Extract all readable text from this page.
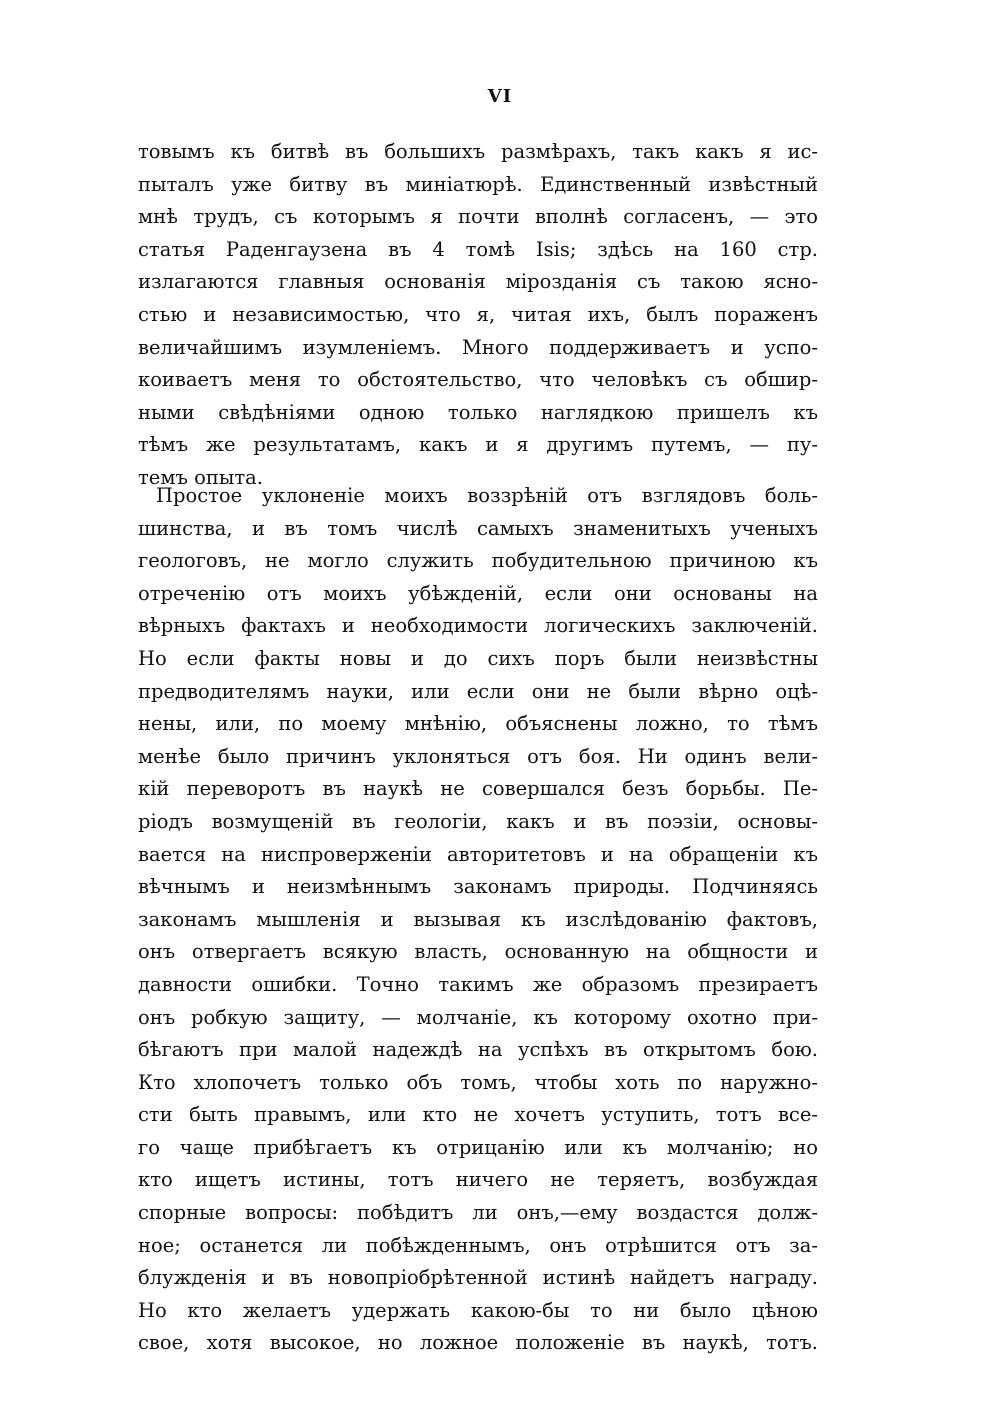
VI
товымъ къ битвѣ въ большихъ размѣрахъ, такъ какъ я ис-
пыталъ уже битву въ миніатюрѣ. Единственный извѣстный
мнѣ трудъ, съ которымъ я почти вполнѣ согласенъ, — это
статья Раденгаузена въ 4 томѣ Isis; здѣсь на 160 стр.
излагаются главныя основанія мірозданія съ такою ясно-
стью и независимостью, что я, читая ихъ, былъ пораженъ
величайшимъ изумленіемъ. Много поддерживаетъ и успо-
коиваетъ меня то обстоятельство, что человѣкъ съ обшир-
ными свѣдѣніями одною только наглядкою пришелъ къ
тѣмъ же результатамъ, какъ и я другимъ путемъ, — пу-
темъ опыта.
Простое уклоненіе моихъ воззрѣній отъ взглядовъ боль-
шинства, и въ томъ числѣ самыхъ знаменитыхъ ученыхъ
геологовъ, не могло служить побудительною причиною къ
отреченію отъ моихъ убѣжденій, если они основаны на
вѣрныхъ фактахъ и необходимости логическихъ заключеній.
Но если факты новы и до сихъ поръ были неизвѣстны
предводителямъ науки, или если они не были вѣрно оцѣ-
нены, или, по моему мнѣнію, объяснены ложно, то тѣмъ
менѣе было причинъ уклоняться отъ боя. Ни одинъ вели-
кій переворотъ въ наукѣ не совершался безъ борьбы. Пе-
ріодъ возмущеній въ геологіи, какъ и въ поэзіи, основы-
вается на ниспроверженіи авторитетовъ и на обращеніи къ
вѣчнымъ и неизмѣннымъ законамъ природы. Подчиняясь
законамъ мышленія и вызывая къ изслѣдованію фактовъ,
онъ отвергаетъ всякую власть, основанную на общности и
давности ошибки. Точно такимъ же образомъ презираетъ
онъ робкую защиту, — молчаніе, къ которому охотно при-
бѣгаютъ при малой надеждѣ на успѣхъ въ открытомъ бою.
Кто хлопочетъ только объ томъ, чтобы хоть по наружно-
сти быть правымъ, или кто не хочетъ уступить, тотъ все-
го чаще прибѣгаетъ къ отрицанію или къ молчанію; но
кто ищетъ истины, тотъ ничего не теряетъ, возбуждая
спорные вопросы: побѣдитъ ли онъ,—ему воздастся долж-
ное; останется ли побѣжденнымъ, онъ отрѣшится отъ за-
блужденія и въ новопріобрѣтенной истинѣ найдетъ награду.
Но кто желаетъ удержать какою-бы то ни было цѣною
свое, хотя высокое, но ложное положеніе въ наукѣ, тотъ.
